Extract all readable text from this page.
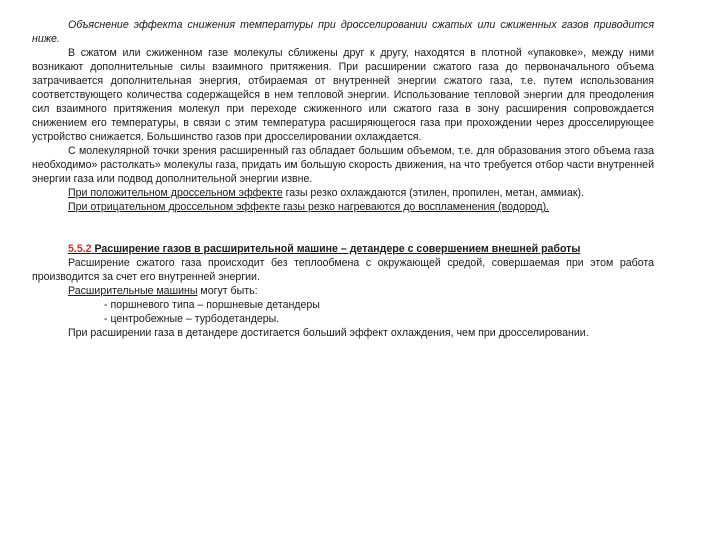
Объяснение эффекта снижения температуры при дросселировании сжатых или сжиженных газов приводится ниже.

В сжатом или сжиженном газе молекулы сближены друг к другу, находятся в плотной «упаковке», между ними возникают дополнительные силы взаимного притяжения. При расширении сжатого газа до первоначального объема затрачивается дополнительная энергия, отбираемая от внутренней энергии сжатого газа, т.е. путем использования соответствующего количества содержащейся в нем тепловой энергии. Использование тепловой энергии для преодоления сил взаимного притяжения молекул при переходе сжиженного или сжатого газа в зону расширения сопровождается снижением его температуры, в связи с этим температура расширяющегося газа при прохождении через дросселирующее устройство снижается. Большинство газов при дросселировании охлаждается.

С молекулярной точки зрения расширенный газ обладает большим объемом, т.е. для образования этого объема газа необходимо» растолкать» молекулы газа, придать им большую скорость движения, на что требуется отбор части внутренней энергии газа или подвод дополнительной энергии извне.

При положительном дроссельном эффекте газы резко охлаждаются (этилен, пропилен, метан, аммиак).

При отрицательном дроссельном эффекте газы резко нагреваются до воспламенения (водород).

5.5.2 Расширение газов в расширительной машине – детандере с совершением внешней работы

Расширение сжатого газа происходит без теплообмена с окружающей средой, совершаемая при этом работа производится за счет его внутренней энергии.

Расширительные машины могут быть:

- поршневого типа – поршневые детандеры

- центробежные – турбодетандеры.

При расширении газа в детандере достигается больший эффект охлаждения, чем при дросселировании.
